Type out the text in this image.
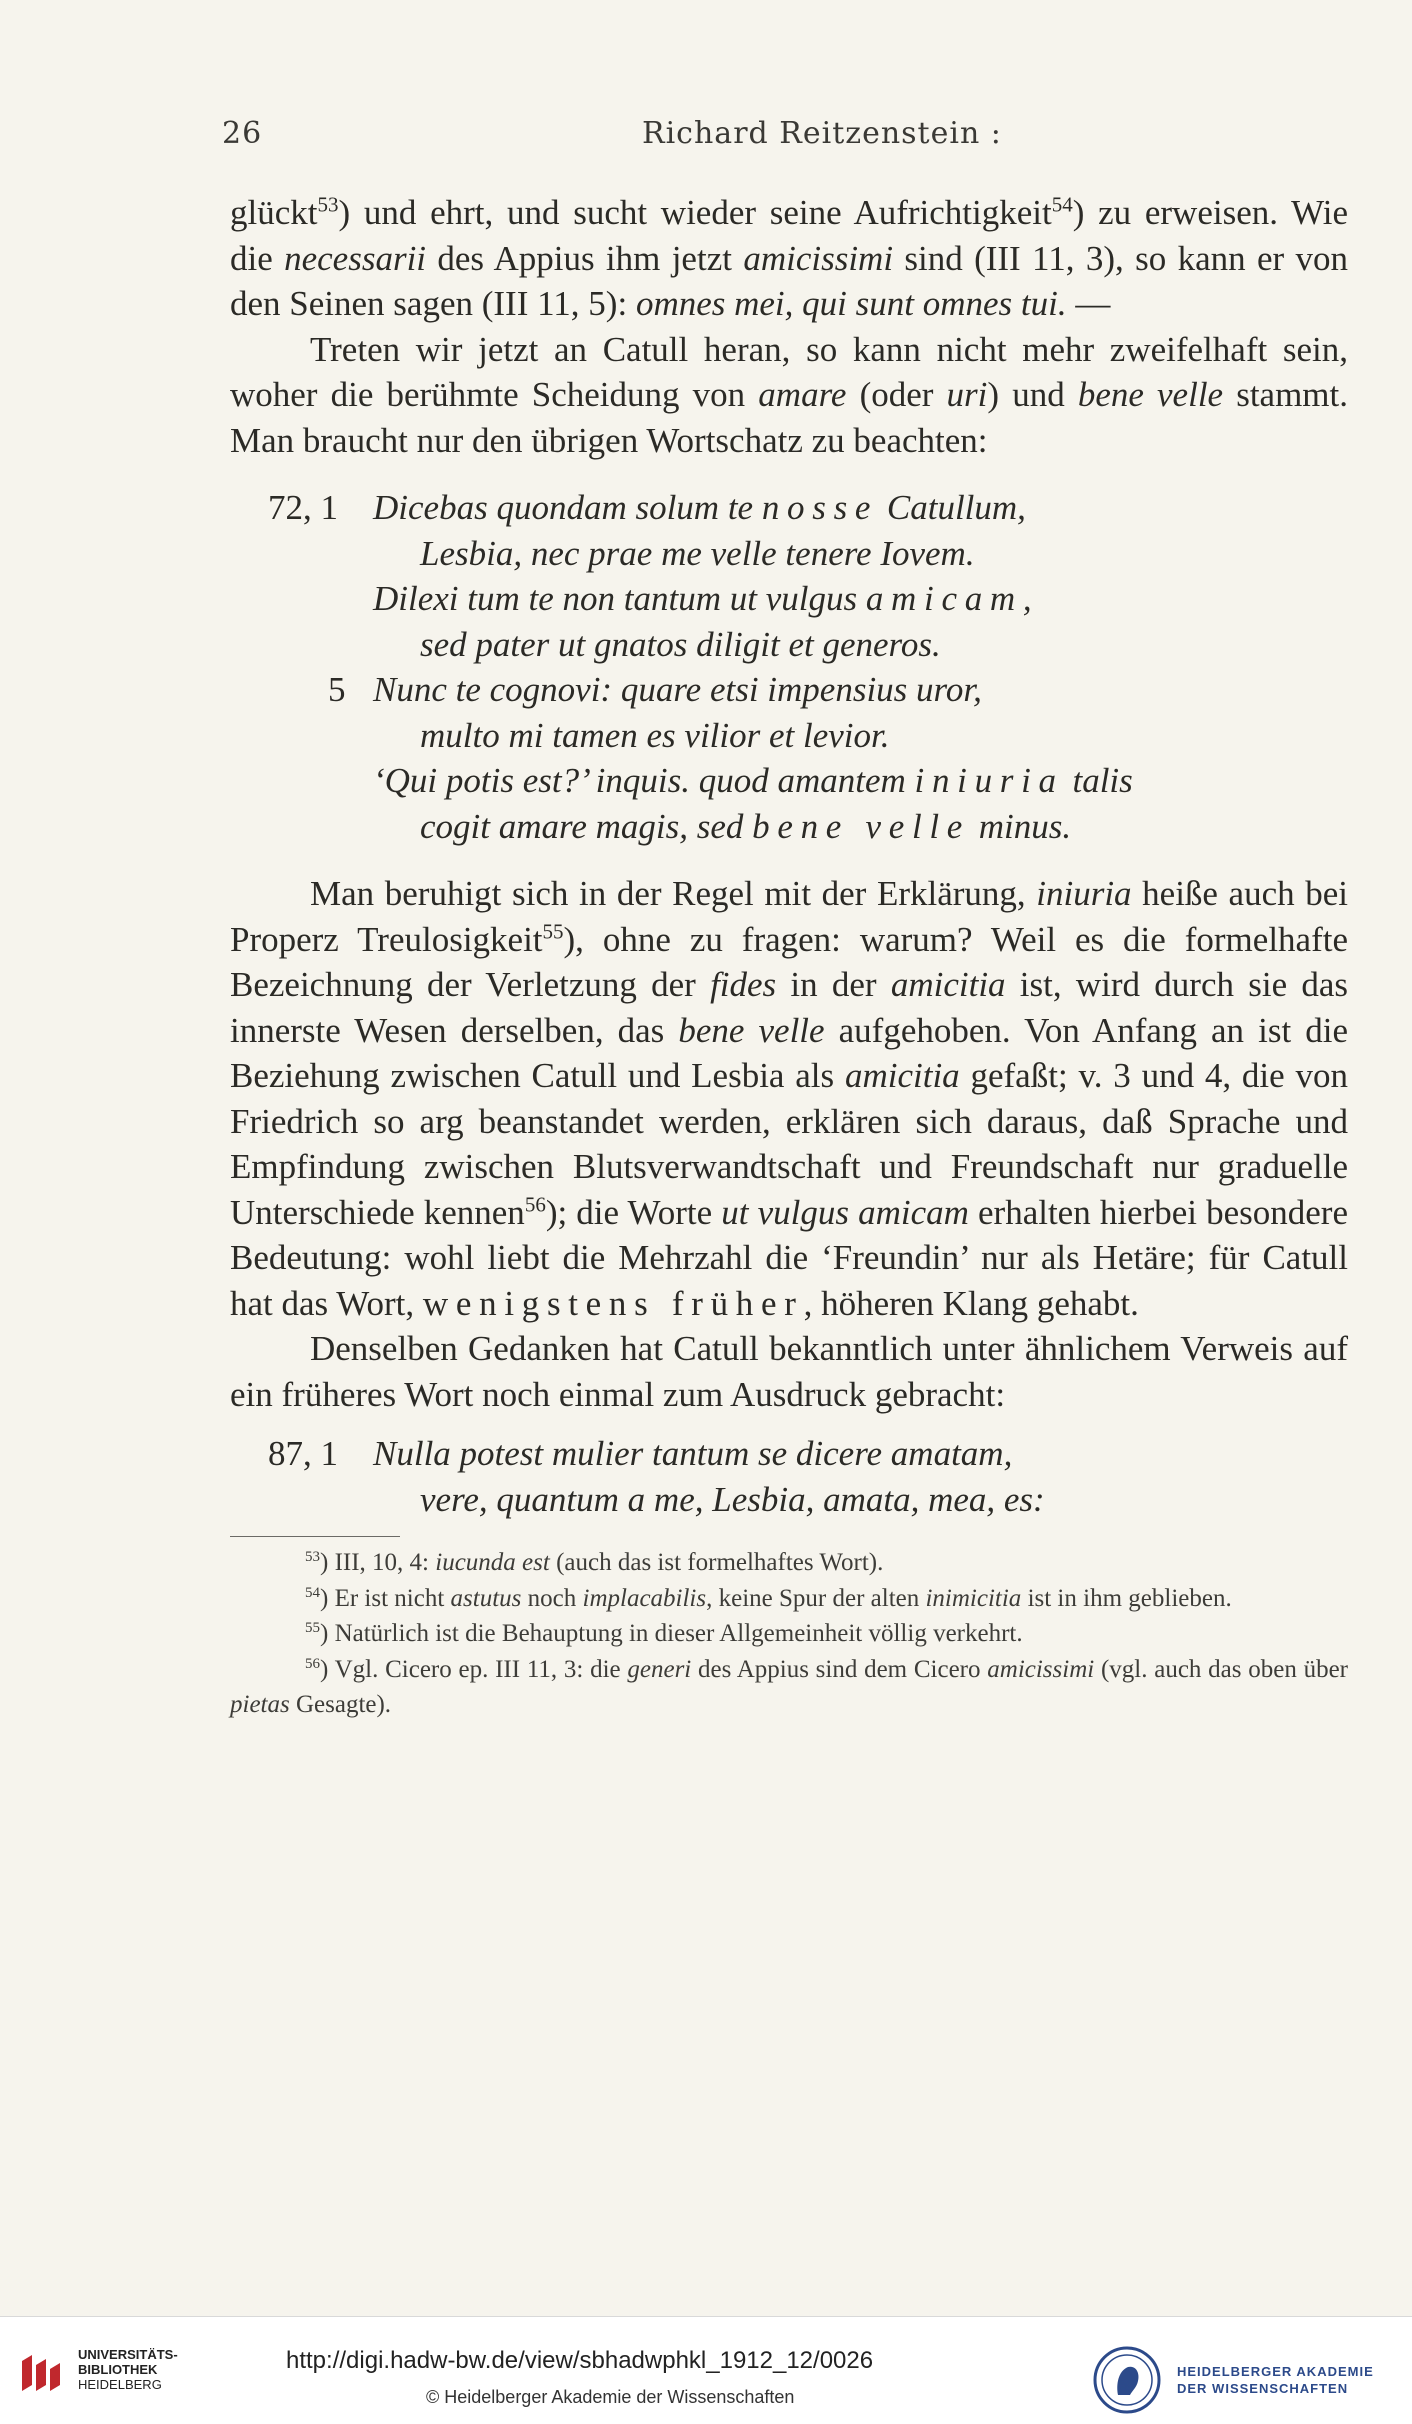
26	Richard Reitzenstein :

glückt$^{53}$) und ehrt, und sucht wieder seine Aufrichtigkeit$^{54}$) zu erweisen. Wie die necessarii des Appius ihm jetzt amicissimi sind (III 11, 3), so kann er von den Seinen sagen (III 11, 5): omnes mei, qui sunt omnes tui. —

Treten wir jetzt an Catull heran, so kann nicht mehr zweifelhaft sein, woher die berühmte Scheidung von amare (oder uri) und bene velle stammt. Man braucht nur den übrigen Wortschatz zu beachten:

72, 1 Dicebas quondam solum te nosse Catullum,
Lesbia, nec prae me velle tenere Iovem.
Dilexi tum te non tantum ut vulgus amicam,
sed pater ut gnatos diligit et generos.
5 Nunc te cognovi: quare etsi impensius uror,
multo mi tamen es vilior et levior.
‘Qui potis est?’ inquis. quod amantem iniuria talis
cogit amare magis, sed bene velle minus.

Man beruhigt sich in der Regel mit der Erklärung, iniuria heiße auch bei Properz Treulosigkeit$^{55}$), ohne zu fragen: warum? Weil es die formelhafte Bezeichnung der Verletzung der fides in der amicitia ist, wird durch sie das innerste Wesen derselben, das bene velle aufgehoben. Von Anfang an ist die Beziehung zwischen Catull und Lesbia als amicitia gefaßt; v. 3 und 4, die von Friedrich so arg beanstandet werden, erklären sich daraus, daß Sprache und Empfindung zwischen Blutsverwandtschaft und Freundschaft nur graduelle Unterschiede kennen$^{56}$); die Worte ut vulgus amicam erhalten hierbei besondere Bedeutung: wohl liebt die Mehrzahl die ‘Freundin’ nur als Hetäre; für Catull hat das Wort, wenigstens früher, höheren Klang gehabt.

Denselben Gedanken hat Catull bekanntlich unter ähnlichem Verweis auf ein früheres Wort noch einmal zum Ausdruck gebracht:

87, 1 Nulla potest mulier tantum se dicere amatam,
vere, quantum a me, Lesbia, amata, mea, es:

$^{53}$) III, 10, 4: iucunda est (auch das ist formelhaftes Wort).

$^{54}$) Er ist nicht astutus noch implacabilis, keine Spur der alten inimicitia ist in ihm geblieben.

$^{55}$) Natürlich ist die Behauptung in dieser Allgemeinheit völlig verkehrt.

$^{56}$) Vgl. Cicero ep. III 11, 3: die generi des Appius sind dem Cicero amicissimi (vgl. auch das oben über pietas Gesagte).

UNIVERSITÄTS-
BIBLIOTHEK
HEIDELBERG
http://digi.hadw-bw.de/view/sbhadwphkl_1912_12/0026
© Heidelberger Akademie der Wissenschaften
HEIDELBERGER AKADEMIE
DER WISSENSCHAFTEN
